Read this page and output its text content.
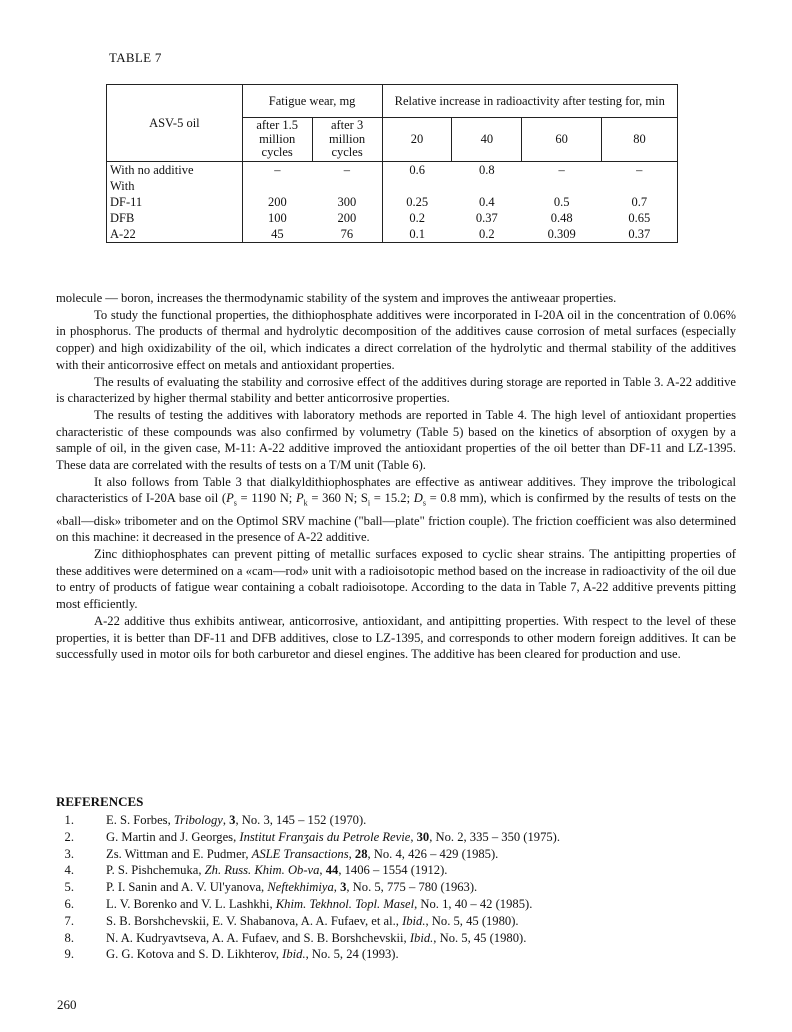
TABLE 7
ASV-5 oil	Fatigue wear, mg		Relative increase in radioactivity after testing for, min			
	after 1.5 million cycles	after 3 million cycles	20	40	60	80
With no additive	–	–	0.6	0.8	–	–
With						
DF-11	200	300	0.25	0.4	0.5	0.7
DFB	100	200	0.2	0.37	0.48	0.65
A-22	45	76	0.1	0.2	0.309	0.37

molecule — boron, increases the thermodynamic stability of the system and improves the antiweaar properties.

To study the functional properties, the dithiophosphate additives were incorporated in I-20A oil in the concentration of 0.06% in phosphorus. The products of thermal and hydrolytic decomposition of the additives cause corrosion of metal surfaces (especially copper) and high oxidizability of the oil, which indicates a direct correlation of the hydrolytic and thermal stability of the additives with their anticorrosive effect on metals and antioxidant properties.

The results of evaluating the stability and corrosive effect of the additives during storage are reported in Table 3. A-22 additive is characterized by higher thermal stability and better anticorrosive properties.

The results of testing the additives with laboratory methods are reported in Table 4. The high level of antioxidant properties characteristic of these compounds was also confirmed by volumetry (Table 5) based on the kinetics of absorption of oxygen by a sample of oil, in the given case, M-11: A-22 additive improved the antioxidant properties of the oil better than DF-11 and LZ-1395. These data are correlated with the results of tests on a T/M unit (Table 6).

It also follows from Table 3 that dialkyldithiophosphates are effective as antiwear additives. They improve the tribological characteristics of I-20A base oil ($P_s = 1190$ N; $P_k = 360$ N; $S_i = 15.2$; $D_s = 0.8$ mm), which is confirmed by the results of tests on the «ball—disk» tribometer and on the Optimol SRV machine ("ball—plate" friction couple). The friction coefficient was also determined on this machine: it decreased in the presence of A-22 additive.

Zinc dithiophosphates can prevent pitting of metallic surfaces exposed to cyclic shear strains. The antipitting properties of these additives were determined on a «cam—rod» unit with a radioisotopic method based on the increase in radioactivity of the oil due to entry of products of fatigue wear containing a cobalt radioisotope. According to the data in Table 7, A-22 additive prevents pitting most efficiently.

A-22 additive thus exhibits antiwear, anticorrosive, antioxidant, and antipitting properties. With respect to the level of these properties, it is better than DF-11 and DFB additives, close to LZ-1395, and corresponds to other modern foreign additives. It can be successfully used in motor oils for both carburetor and diesel engines. The additive has been cleared for production and use.

REFERENCES
1.	E. S. Forbes, Tribology, 3, No. 3, 145 – 152 (1970).
2.	G. Martin and J. Georges, Institut Franʒais du Petrole Revie, 30, No. 2, 335 – 350 (1975).
3.	Zs. Wittman and E. Pudmer, ASLE Transactions, 28, No. 4, 426 – 429 (1985).
4.	P. S. Pishchemuka, Zh. Russ. Khim. Ob-va, 44, 1406 – 1554 (1912).
5.	P. I. Sanin and A. V. Ul'yanova, Neftekhimiya, 3, No. 5, 775 – 780 (1963).
6.	L. V. Borenko and V. L. Lashkhi, Khim. Tekhnol. Topl. Masel, No. 1, 40 – 42 (1985).
7.	S. B. Borshchevskii, E. V. Shabanova, A. A. Fufaev, et al., Ibid., No. 5, 45 (1980).
8.	N. A. Kudryavtseva, A. A. Fufaev, and S. B. Borshchevskii, Ibid., No. 5, 45 (1980).
9.	G. G. Kotova and S. D. Likhterov, Ibid., No. 5, 24 (1993).
260
